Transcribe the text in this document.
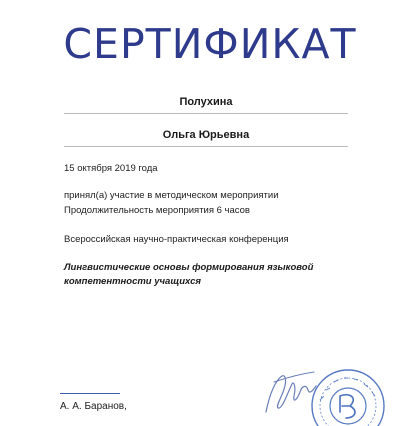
СЕРТИФИКАТ
Полухина
Ольга Юрьевна
15 октября 2019 года
принял(а) участие в методическом мероприятии
Продолжительность мероприятия 6 часов
Всероссийская научно-практическая конференция
Лингвистические основы формирования языковой
компетентности учащихся
А. А. Баранов,
